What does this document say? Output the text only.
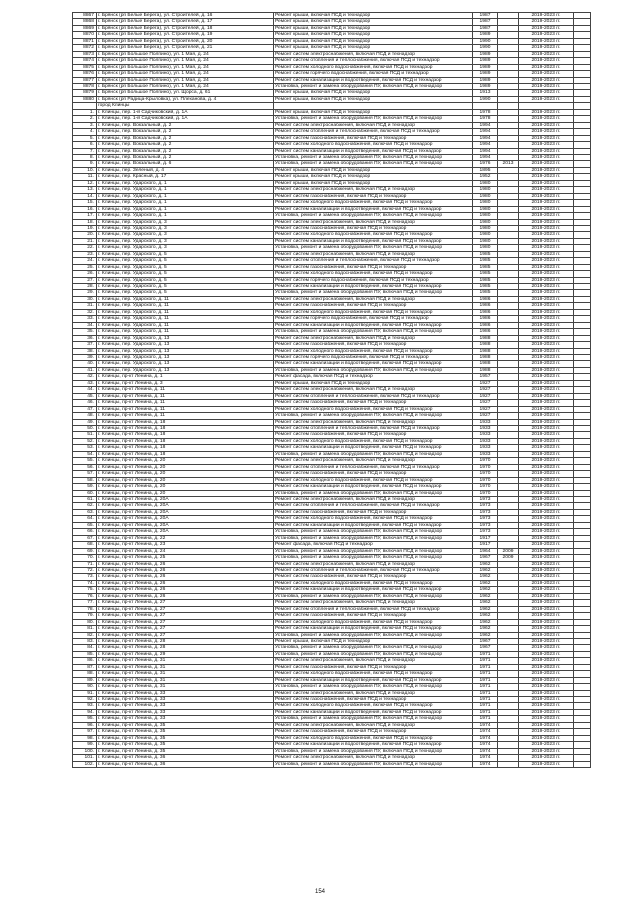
8867	г. Брянск (рп Белые Берега), ул. Строителей, д. 16	Ремонт крыши, включая ПСД и технадзор	1987		2019-2023 гг.	
8868	г. Брянск (рп Белые Берега), ул. Строителей, д. 17	Ремонт крыши, включая ПСД и технадзор	1987		2019-2023 гг.	
8869	г. Брянск (рп Белые Берега), ул. Строителей, д. 18	Ремонт крыши, включая ПСД и технадзор	1987		2019-2023 гг.	
8870	г. Брянск (рп Белые Берега), ул. Строителей, д. 19	Ремонт крыши, включая ПСД и технадзор	1989		2019-2023 гг.	
8871	г. Брянск (рп Белые Берега), ул. Строителей, д. 20	Ремонт крыши, включая ПСД и технадзор	1990		2019-2023 гг.	
8872	г. Брянск (рп Белые Берега), ул. Строителей, д. 21	Ремонт крыши, включая ПСД и технадзор	1990		2019-2023 гг.	
8873	г. Брянск (рп Большое Полпино), ул. 1 Мая, д. 24	Ремонт систем электроснабжения, включая ПСД и технадзор	1989		2019-2023 гг.	
8874	г. Брянск (рп Большое Полпино), ул. 1 Мая, д. 24	Ремонт систем отопления и теплоснабжения, включая ПСД и технадзор	1989		2019-2023 гг.	
8875	г. Брянск (рп Большое Полпино), ул. 1 Мая, д. 24	Ремонт систем холодного водоснабжения, включая ПСД и технадзор	1989		2019-2023 гг.	
8876	г. Брянск (рп Большое Полпино), ул. 1 Мая, д. 24	Ремонт систем горячего водоснабжения, включая ПСД и технадзор	1989		2019-2023 гг.	
8877	г. Брянск (рп Большое Полпино), ул. 1 Мая, д. 24	Ремонт систем канализации и водоотведения, включая ПСД и технадзор	1989		2019-2023 гг.	
8878	г. Брянск (рп Большое Полпино), ул. 1 Мая, д. 24	Установка, ремонт и замена оборудования ПУ, включая ПСД и технадзор	1989		2019-2023 гг.	
8879	г. Брянск (рп Большое Полпино), ул. Щорса, д. 61	Ремонт крыши, включая ПСД и технадзор	1913		2019-2023 гг.	
8880	г. Брянск (рп Радица-Крыловка), ул. Плеханова, д. 4	Ремонт крыши, включая ПСД и технадзор	1990		2019-2023 гг.	
	город Клинцы					
1.	г. Клинцы, пер. 1-й Садчиковский, д. 1А	Ремонт крыши, включая ПСД и технадзор	1978		2019-2023 гг.	
2.	г. Клинцы, пер. 1-й Садчиковский, д. 1А	Установка, ремонт и замена оборудования ПУ, включая ПСД и технадзор	1978		2019-2023 гг.	
3.	г. Клинцы, пер. Вокзальный, д. 2	Ремонт систем электроснабжения, включая ПСД и технадзор	1994		2019-2023 гг.	
4.	г. Клинцы, пер. Вокзальный, д. 2	Ремонт систем отопления и теплоснабжения, включая ПСД и технадзор	1994		2019-2023 гг.	
5.	г. Клинцы, пер. Вокзальный, д. 2	Ремонт систем газоснабжения, включая ПСД и технадзор	1994		2019-2023 гг.	
6.	г. Клинцы, пер. Вокзальный, д. 2	Ремонт систем холодного водоснабжения, включая ПСД и технадзор	1994		2019-2023 гг.	
7.	г. Клинцы, пер. Вокзальный, д. 2	Ремонт систем канализации и водоотведения, включая ПСД и технадзор	1994		2019-2023 гг.	
8.	г. Клинцы, пер. Вокзальный, д. 2	Установка, ремонт и замена оборудования ПУ, включая ПСД и технадзор	1994		2019-2023 гг.	
9.	г. Клинцы, пер. Вокзальный, д. 6	Установка, ремонт и замена оборудования ПУ, включая ПСД и технадзор	1976	2013	2019-2023 гг.	
10.	г. Клинцы, пер. Зеленый, д. 4	Ремонт крыши, включая ПСД и технадзор	1895		2019-2023 гг.	
11.	г. Клинцы, пер. Красный, д. 17	Ремонт крыши, включая ПСД и технадзор	1952		2019-2023 гг.	
12.	г. Клинцы, пер. Ударского, д. 1	Ремонт крыши, включая ПСД и технадзор	1980		2019-2023 гг.	
13.	г. Клинцы, пер. Ударского, д. 1	Ремонт систем электроснабжения, включая ПСД и технадзор	1980		2019-2023 гг.	
14.	г. Клинцы, пер. Ударского, д. 1	Ремонт систем газоснабжения, включая ПСД и технадзор	1980		2019-2023 гг.	
15.	г. Клинцы, пер. Ударского, д. 1	Ремонт систем холодного водоснабжения, включая ПСД и технадзор	1980		2019-2023 гг.	
16.	г. Клинцы, пер. Ударского, д. 1	Ремонт систем канализации и водоотведения, включая ПСД и технадзор	1980		2019-2023 гг.	
17.	г. Клинцы, пер. Ударского, д. 1	Установка, ремонт и замена оборудования ПУ, включая ПСД и технадзор	1980		2019-2023 гг.	
18.	г. Клинцы, пер. Ударского, д. 3	Ремонт систем электроснабжения, включая ПСД и технадзор	1980		2019-2023 гг.	
19.	г. Клинцы, пер. Ударского, д. 3	Ремонт систем газоснабжения, включая ПСД и технадзор	1980		2019-2023 гг.	
20.	г. Клинцы, пер. Ударского, д. 3	Ремонт систем холодного водоснабжения, включая ПСД и технадзор	1980		2019-2023 гг.	
21.	г. Клинцы, пер. Ударского, д. 3	Ремонт систем канализации и водоотведения, включая ПСД и технадзор	1980		2019-2023 гг.	
22.	г. Клинцы, пер. Ударского, д. 3	Установка, ремонт и замена оборудования ПУ, включая ПСД и технадзор	1980		2019-2023 гг.	
23.	г. Клинцы, пер. Ударского, д. 5	Ремонт систем электроснабжения, включая ПСД и технадзор	1985		2019-2023 гг.	
24.	г. Клинцы, пер. Ударского, д. 5	Ремонт систем отопления и теплоснабжения, включая ПСД и технадзор	1985		2019-2023 гг.	
25.	г. Клинцы, пер. Ударского, д. 5	Ремонт систем газоснабжения, включая ПСД и технадзор	1985		2019-2023 гг.	
26.	г. Клинцы, пер. Ударского, д. 5	Ремонт систем холодного водоснабжения, включая ПСД и технадзор	1985		2019-2023 гг.	
27.	г. Клинцы, пер. Ударского, д. 5	Ремонт систем горячего водоснабжения, включая ПСД и технадзор	1985		2019-2023 гг.	
28.	г. Клинцы, пер. Ударского, д. 5	Ремонт систем канализации и водоотведения, включая ПСД и технадзор	1985		2019-2023 гг.	
29.	г. Клинцы, пер. Ударского, д. 5	Установка, ремонт и замена оборудования ПУ, включая ПСД и технадзор	1985		2019-2023 гг.	
30.	г. Клинцы, пер. Ударского, д. 11	Ремонт систем электроснабжения, включая ПСД и технадзор	1986		2019-2023 гг.	
31.	г. Клинцы, пер. Ударского, д. 11	Ремонт систем газоснабжения, включая ПСД и технадзор	1986		2019-2023 гг.	
32.	г. Клинцы, пер. Ударского, д. 11	Ремонт систем холодного водоснабжения, включая ПСД и технадзор	1986		2019-2023 гг.	
33.	г. Клинцы, пер. Ударского, д. 11	Ремонт систем горячего водоснабжения, включая ПСД и технадзор	1986		2019-2023 гг.	
34.	г. Клинцы, пер. Ударского, д. 11	Ремонт систем канализации и водоотведения, включая ПСД и технадзор	1986		2019-2023 гг.	
35.	г. Клинцы, пер. Ударского, д. 11	Установка, ремонт и замена оборудования ПУ, включая ПСД и технадзор	1986		2019-2023 гг.	
36.	г. Клинцы, пер. Ударского, д. 13	Ремонт систем электроснабжения, включая ПСД и технадзор	1988		2019-2023 гг.	
37.	г. Клинцы, пер. Ударского, д. 13	Ремонт систем газоснабжения, включая ПСД и технадзор	1988		2019-2023 гг.	
38.	г. Клинцы, пер. Ударского, д. 13	Ремонт систем холодного водоснабжения, включая ПСД и технадзор	1988		2019-2023 гг.	
39.	г. Клинцы, пер. Ударского, д. 13	Ремонт систем горячего водоснабжения, включая ПСД и технадзор	1988		2019-2023 гг.	
40.	г. Клинцы, пер. Ударского, д. 13	Ремонт систем канализации и водоотведения, включая ПСД и технадзор	1988		2019-2023 гг.	
41.	г. Клинцы, пер. Ударского, д. 13	Установка, ремонт и замена оборудования ПУ, включая ПСД и технадзор	1988		2019-2023 гг.	
42.	г. Клинцы, пр-кт Ленина, д. 1	Ремонт фасада, включая ПСД и технадзор	1957		2019-2023 гг.	
43.	г. Клинцы, пр-кт Ленина, д. 3	Ремонт крыши, включая ПСД и технадзор	1927		2019-2023 гг.	
44.	г. Клинцы, пр-кт Ленина, д. 11	Ремонт систем электроснабжения, включая ПСД и технадзор	1927		2019-2023 гг.	
45.	г. Клинцы, пр-кт Ленина, д. 11	Ремонт систем отопления и теплоснабжения, включая ПСД и технадзор	1927		2019-2023 гг.	
46.	г. Клинцы, пр-кт Ленина, д. 11	Ремонт систем газоснабжения, включая ПСД и технадзор	1927		2019-2023 гг.	
47.	г. Клинцы, пр-кт Ленина, д. 11	Ремонт систем холодного водоснабжения, включая ПСД и технадзор	1927		2019-2023 гг.	
48.	г. Клинцы, пр-кт Ленина, д. 11	Установка, ремонт и замена оборудования ПУ, включая ПСД и технадзор	1927		2019-2023 гг.	
49.	г. Клинцы, пр-кт Ленина, д. 18	Ремонт систем электроснабжения, включая ПСД и технадзор	1933		2019-2023 гг.	
50.	г. Клинцы, пр-кт Ленина, д. 18	Ремонт систем отопления и теплоснабжения, включая ПСД и технадзор	1933		2019-2023 гг.	
51.	г. Клинцы, пр-кт Ленина, д. 18	Ремонт систем газоснабжения, включая ПСД и технадзор	1933		2019-2023 гг.	
52.	г. Клинцы, пр-кт Ленина, д. 18	Ремонт систем холодного водоснабжения, включая ПСД и технадзор	1933		2019-2023 гг.	
53.	г. Клинцы, пр-кт Ленина, д. 18	Ремонт систем канализации и водоотведения, включая ПСД и технадзор	1933		2019-2023 гг.	
54.	г. Клинцы, пр-кт Ленина, д. 18	Установка, ремонт и замена оборудования ПУ, включая ПСД и технадзор	1933		2019-2023 гг.	
55.	г. Клинцы, пр-кт Ленина, д. 20	Ремонт систем электроснабжения, включая ПСД и технадзор	1970		2019-2023 гг.	
56.	г. Клинцы, пр-кт Ленина, д. 20	Ремонт систем отопления и теплоснабжения, включая ПСД и технадзор	1970		2019-2023 гг.	
57.	г. Клинцы, пр-кт Ленина, д. 20	Ремонт систем газоснабжения, включая ПСД и технадзор	1970		2019-2023 гг.	
58.	г. Клинцы, пр-кт Ленина, д. 20	Ремонт систем холодного водоснабжения, включая ПСД и технадзор	1970		2019-2023 гг.	
59.	г. Клинцы, пр-кт Ленина, д. 20	Ремонт систем канализации и водоотведения, включая ПСД и технадзор	1970		2019-2023 гг.	
60.	г. Клинцы, пр-кт Ленина, д. 20	Установка, ремонт и замена оборудования ПУ, включая ПСД и технадзор	1970		2019-2023 гг.	
61.	г. Клинцы, пр-кт Ленина, д. 20А	Ремонт систем электроснабжения, включая ПСД и технадзор	1973		2019-2023 гг.	
62.	г. Клинцы, пр-кт Ленина, д. 20А	Ремонт систем отопления и теплоснабжения, включая ПСД и технадзор	1973		2019-2023 гг.	
63.	г. Клинцы, пр-кт Ленина, д. 20А	Ремонт систем газоснабжения, включая ПСД и технадзор	1973		2019-2023 гг.	
64.	г. Клинцы, пр-кт Ленина, д. 20А	Ремонт систем холодного водоснабжения, включая ПСД и технадзор	1973		2019-2023 гг.	
65.	г. Клинцы, пр-кт Ленина, д. 20А	Ремонт систем канализации и водоотведения, включая ПСД и технадзор	1973		2019-2023 гг.	
66.	г. Клинцы, пр-кт Ленина, д. 20А	Установка, ремонт и замена оборудования ПУ, включая ПСД и технадзор	1973		2019-2023 гг.	
67.	г. Клинцы, пр-кт Ленина, д. 22	Установка, ремонт и замена оборудования ПУ, включая ПСД и технадзор	1917		2019-2023 гг.	
68.	г. Клинцы, пр-кт Ленина, д. 23	Ремонт фасада, включая ПСД и технадзор	1917		2019-2023 гг.	
69.	г. Клинцы, пр-кт Ленина, д. 24	Установка, ремонт и замена оборудования ПУ, включая ПСД и технадзор	1964	2009	2019-2023 гг.	
70.	г. Клинцы, пр-кт Ленина, д. 25	Установка, ремонт и замена оборудования ПУ, включая ПСД и технадзор	1967	2009	2019-2023 гг.	
71.	г. Клинцы, пр-кт Ленина, д. 26	Ремонт систем электроснабжения, включая ПСД и технадзор	1962		2019-2023 гг.	
72.	г. Клинцы, пр-кт Ленина, д. 26	Ремонт систем отопления и теплоснабжения, включая ПСД и технадзор	1962		2019-2023 гг.	
73.	г. Клинцы, пр-кт Ленина, д. 26	Ремонт систем газоснабжения, включая ПСД и технадзор	1962		2019-2023 гг.	
74.	г. Клинцы, пр-кт Ленина, д. 26	Ремонт систем холодного водоснабжения, включая ПСД и технадзор	1962		2019-2023 гг.	
75.	г. Клинцы, пр-кт Ленина, д. 26	Ремонт систем канализации и водоотведения, включая ПСД и технадзор	1962		2019-2023 гг.	
76.	г. Клинцы, пр-кт Ленина, д. 26	Установка, ремонт и замена оборудования ПУ, включая ПСД и технадзор	1962		2019-2023 гг.	
77.	г. Клинцы, пр-кт Ленина, д. 27	Ремонт систем электроснабжения, включая ПСД и технадзор	1962		2019-2023 гг.	
78.	г. Клинцы, пр-кт Ленина, д. 27	Ремонт систем отопления и теплоснабжения, включая ПСД и технадзор	1962		2019-2023 гг.	
79.	г. Клинцы, пр-кт Ленина, д. 27	Ремонт систем газоснабжения, включая ПСД и технадзор	1962		2019-2023 гг.	
80.	г. Клинцы, пр-кт Ленина, д. 27	Ремонт систем холодного водоснабжения, включая ПСД и технадзор	1962		2019-2023 гг.	
81.	г. Клинцы, пр-кт Ленина, д. 27	Ремонт систем канализации и водоотведения, включая ПСД и технадзор	1962		2019-2023 гг.	
82.	г. Клинцы, пр-кт Ленина, д. 27	Установка, ремонт и замена оборудования ПУ, включая ПСД и технадзор	1962		2019-2023 гг.	
83.	г. Клинцы, пр-кт Ленина, д. 28	Ремонт крыши, включая ПСД и технадзор	1967		2019-2023 гг.	
84.	г. Клинцы, пр-кт Ленина, д. 28	Установка, ремонт и замена оборудования ПУ, включая ПСД и технадзор	1967		2019-2023 гг.	
85.	г. Клинцы, пр-кт Ленина, д. 29	Установка, ремонт и замена оборудования ПУ, включая ПСД и технадзор	1971		2019-2023 гг.	
86.	г. Клинцы, пр-кт Ленина, д. 31	Ремонт систем электроснабжения, включая ПСД и технадзор	1971		2019-2023 гг.	
87.	г. Клинцы, пр-кт Ленина, д. 31	Ремонт систем газоснабжения, включая ПСД и технадзор	1971		2019-2023 гг.	
88.	г. Клинцы, пр-кт Ленина, д. 31	Ремонт систем холодного водоснабжения, включая ПСД и технадзор	1971		2019-2023 гг.	
89.	г. Клинцы, пр-кт Ленина, д. 31	Ремонт систем канализации и водоотведения, включая ПСД и технадзор	1971		2019-2023 гг.	
90.	г. Клинцы, пр-кт Ленина, д. 31	Установка, ремонт и замена оборудования ПУ, включая ПСД и технадзор	1971		2019-2023 гг.	
91.	г. Клинцы, пр-кт Ленина, д. 33	Ремонт систем электроснабжения, включая ПСД и технадзор	1971		2019-2023 гг.	
92.	г. Клинцы, пр-кт Ленина, д. 33	Ремонт систем газоснабжения, включая ПСД и технадзор	1971		2019-2023 гг.	
93.	г. Клинцы, пр-кт Ленина, д. 33	Ремонт систем холодного водоснабжения, включая ПСД и технадзор	1971		2019-2023 гг.	
94.	г. Клинцы, пр-кт Ленина, д. 33	Ремонт систем канализации и водоотведения, включая ПСД и технадзор	1971		2019-2023 гг.	
95.	г. Клинцы, пр-кт Ленина, д. 33	Установка, ремонт и замена оборудования ПУ, включая ПСД и технадзор	1971		2019-2023 гг.	
96.	г. Клинцы, пр-кт Ленина, д. 35	Ремонт систем электроснабжения, включая ПСД и технадзор	1974		2019-2023 гг.	
97.	г. Клинцы, пр-кт Ленина, д. 35	Ремонт систем газоснабжения, включая ПСД и технадзор	1974		2019-2023 гг.	
98.	г. Клинцы, пр-кт Ленина, д. 35	Ремонт систем холодного водоснабжения, включая ПСД и технадзор	1974		2019-2023 гг.	
99.	г. Клинцы, пр-кт Ленина, д. 35	Ремонт систем канализации и водоотведения, включая ПСД и технадзор	1974		2019-2023 гг.	
100.	г. Клинцы, пр-кт Ленина, д. 35	Установка, ремонт и замена оборудования ПУ, включая ПСД и технадзор	1974		2019-2023 гг.	
101.	г. Клинцы, пр-кт Ленина, д. 36	Ремонт систем электроснабжения, включая ПСД и технадзор	1974		2019-2023 гг.	
102.	г. Клинцы, пр-кт Ленина, д. 36	Установка, ремонт и замена оборудования ПУ, включая ПСД и технадзор	1974		2019-2023 гг.	
154
